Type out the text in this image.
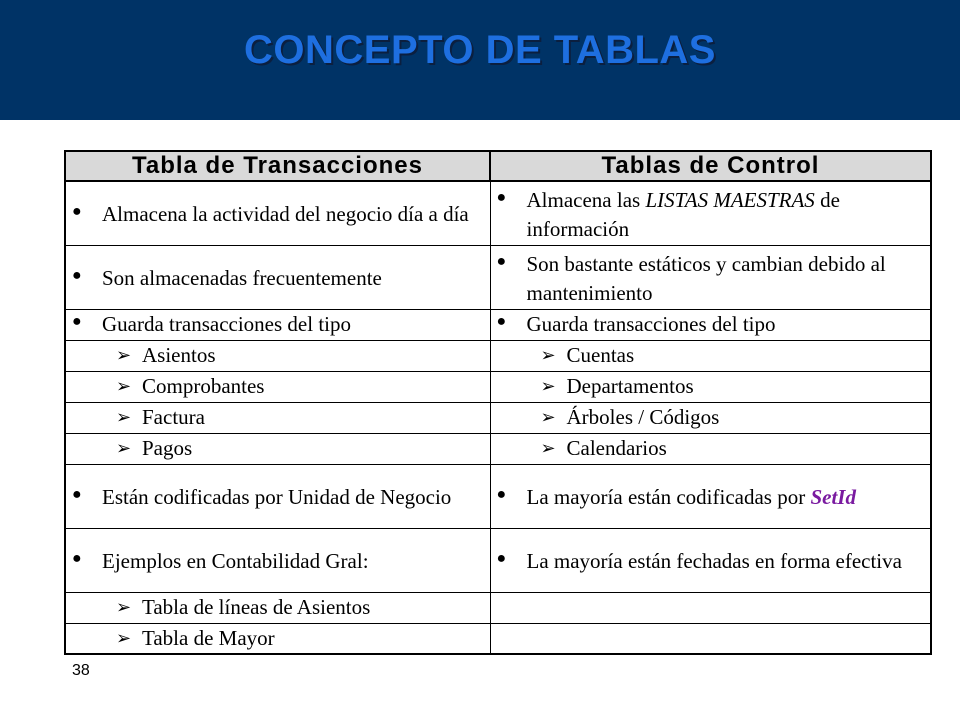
CONCEPTO DE TABLAS
Tabla de Transacciones	Tablas de Control

● Almacena la actividad del negocio día a día	● Almacena las LISTAS MAESTRAS de información

● Son almacenadas frecuentemente	● Son bastante estáticos y cambian debido al mantenimiento

● Guarda transacciones del tipo	● Guarda transacciones del tipo

➢ Asientos	➢ Cuentas

➢ Comprobantes	➢ Departamentos

➢ Factura	➢ Árboles / Códigos

➢ Pagos	➢ Calendarios

● Están codificadas por Unidad de Negocio	● La mayoría están codificadas por SetId

● Ejemplos en Contabilidad Gral:	● La mayoría están fechadas en forma efectiva

➢ Tabla de líneas de Asientos	

➢ Tabla de Mayor	

38
